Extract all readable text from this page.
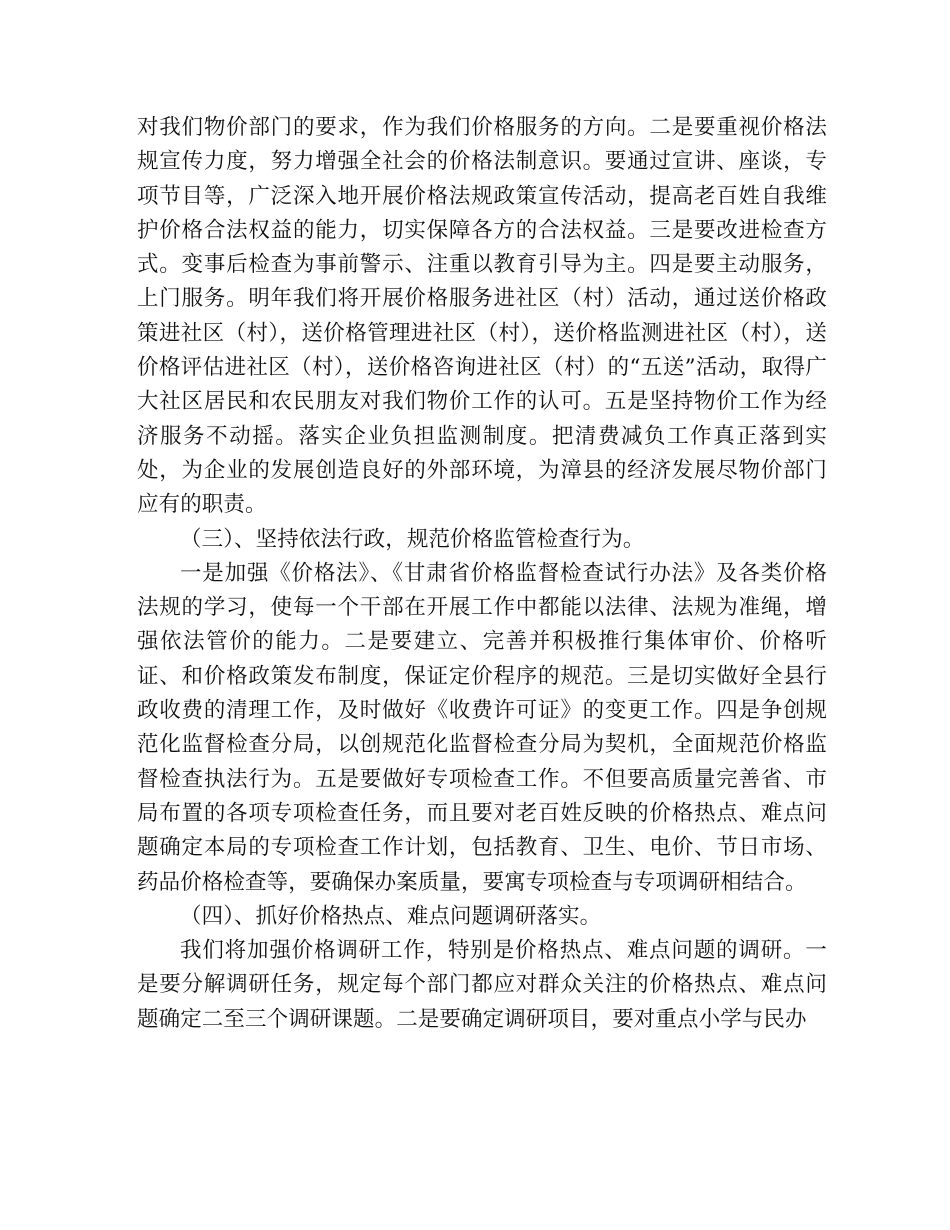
对我们物价部门的要求，作为我们价格服务的方向。二是要重视价格法规宣传力度，努力增强全社会的价格法制意识。要通过宣讲、座谈，专项节目等，广泛深入地开展价格法规政策宣传活动，提高老百姓自我维护价格合法权益的能力，切实保障各方的合法权益。三是要改进检查方式。变事后检查为事前警示、注重以教育引导为主。四是要主动服务，上门服务。明年我们将开展价格服务进社区（村）活动，通过送价格政策进社区（村），送价格管理进社区（村），送价格监测进社区（村），送价格评估进社区（村），送价格咨询进社区（村）的“五送”活动，取得广大社区居民和农民朋友对我们物价工作的认可。五是坚持物价工作为经济服务不动摇。落实企业负担监测制度。把清费减负工作真正落到实处，为企业的发展创造良好的外部环境，为漳县的经济发展尽物价部门应有的职责。

（三）、坚持依法行政，规范价格监管检查行为。

一是加强《价格法》、《甘肃省价格监督检查试行办法》及各类价格法规的学习，使每一个干部在开展工作中都能以法律、法规为准绳，增强依法管价的能力。二是要建立、完善并积极推行集体审价、价格听证、和价格政策发布制度，保证定价程序的规范。三是切实做好全县行政收费的清理工作，及时做好《收费许可证》的变更工作。四是争创规范化监督检查分局，以创规范化监督检查分局为契机，全面规范价格监督检查执法行为。五是要做好专项检查工作。不但要高质量完善省、市局布置的各项专项检查任务，而且要对老百姓反映的价格热点、难点问题确定本局的专项检查工作计划，包括教育、卫生、电价、节日市场、药品价格检查等，要确保办案质量，要寓专项检查与专项调研相结合。

（四）、抓好价格热点、难点问题调研落实。

我们将加强价格调研工作，特别是价格热点、难点问题的调研。一是要分解调研任务，规定每个部门都应对群众关注的价格热点、难点问题确定二至三个调研课题。二是要确定调研项目，要对重点小学与民办
